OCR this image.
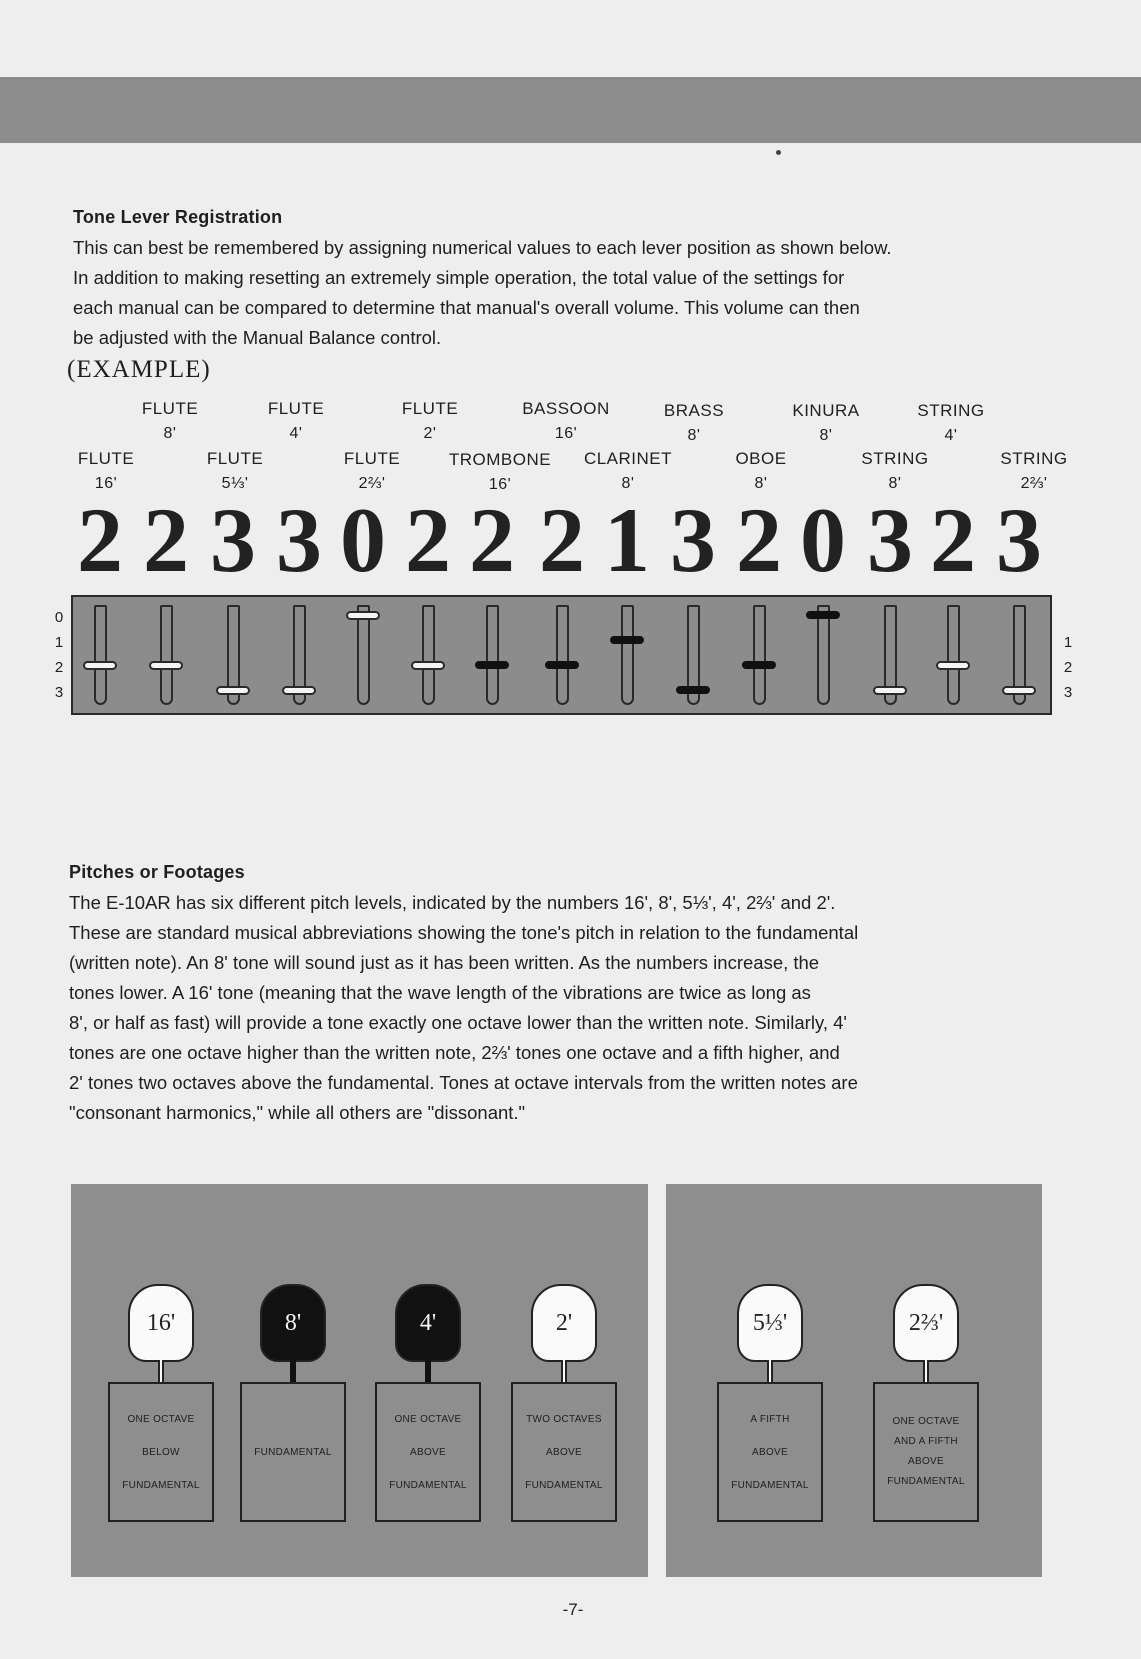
Tone Lever Registration

This can best be remembered by assigning numerical values to each lever position as shown below.

In addition to making resetting an extremely simple operation, the total value of the settings for

each manual can be compared to determine that manual's overall volume. This volume can then

be adjusted with the Manual Balance control.

(EXAMPLE)
FLUTE
16'
FLUTE
8'
FLUTE
5⅓'
FLUTE
4'
FLUTE
2⅔'
FLUTE
2'
TROMBONE
16'
BASSOON
16'
CLARINET
8'
BRASS
8'
OBOE
8'
KINURA
8'
STRING
8'
STRING
4'
STRING
2⅔'
2 2 3 3 0 2 2 2 1 3 2 0 3 2 3
0
1
2
3
1
2
3
Pitches or Footages

The E-10AR has six different pitch levels, indicated by the numbers 16', 8', 5⅓', 4', 2⅔' and 2'.

These are standard musical abbreviations showing the tone's pitch in relation to the fundamental

(written note). An 8' tone will sound just as it has been written. As the numbers increase, the

tones lower. A 16' tone (meaning that the wave length of the vibrations are twice as long as

8', or half as fast) will provide a tone exactly one octave lower than the written note. Similarly, 4'

tones are one octave higher than the written note, 2⅔' tones one octave and a fifth higher, and

2' tones two octaves above the fundamental. Tones at octave intervals from the written notes are

"consonant harmonics," while all others are "dissonant."

16'
ONE OCTAVE
BELOW
FUNDAMENTAL
8'
FUNDAMENTAL
4'
ONE OCTAVE
ABOVE
FUNDAMENTAL
2'
TWO OCTAVES
ABOVE
FUNDAMENTAL
5⅓'
A FIFTH
ABOVE
FUNDAMENTAL
2⅔'
ONE OCTAVE
AND A FIFTH
ABOVE
FUNDAMENTAL
-7-
